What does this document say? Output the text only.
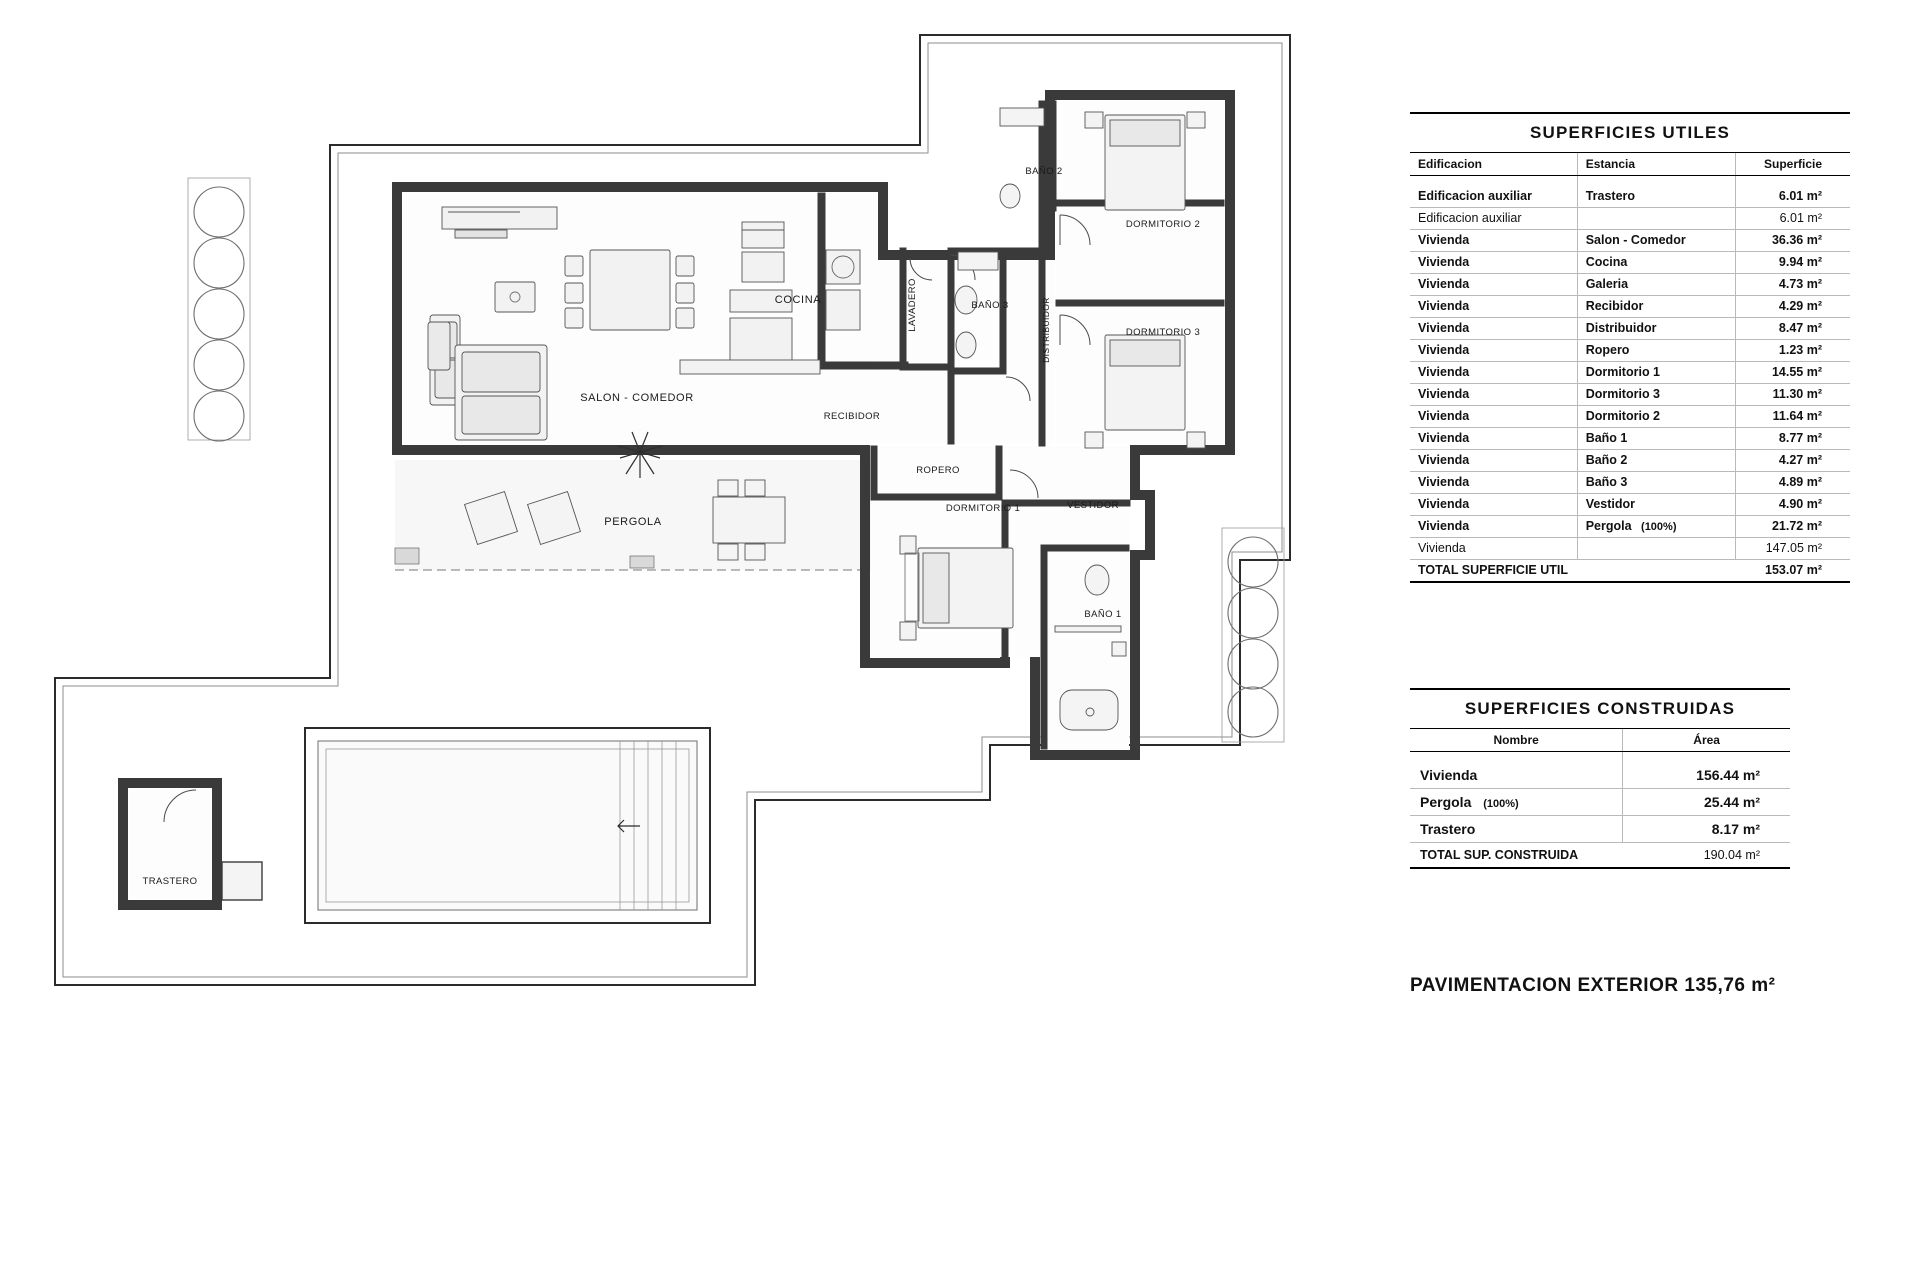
SALON - COMEDOR
COCINA	LAVADERO	BAÑO 3
BAÑO 2
DISTRIBUIDOR
DORMITORIO 2
DORMITORIO 3
RECIBIDOR
ROPERO
VESTIDOR
DORMITORIO 1
BAÑO 1
PERGOLA
TRASTERO
SUPERFICIES UTILES		
Edificacion	Estancia	Superficie

Edificacion auxiliar	Trastero	6.01 m²
Edificacion auxiliar		6.01 m²
Vivienda	Salon - Comedor	36.36 m²
Vivienda	Cocina	9.94 m²
Vivienda	Galeria	4.73 m²
Vivienda	Recibidor	4.29 m²
Vivienda	Distribuidor	8.47 m²
Vivienda	Ropero	1.23 m²
Vivienda	Dormitorio 1	14.55 m²
Vivienda	Dormitorio 3	11.30 m²
Vivienda	Dormitorio 2	11.64 m²
Vivienda	Baño 1	8.77 m²
Vivienda	Baño 2	4.27 m²
Vivienda	Baño 3	4.89 m²
Vivienda	Vestidor	4.90 m²
Vivienda	Pergola (100%)	21.72 m²
Vivienda		147.05 m²
TOTAL SUPERFICIE UTIL		153.07 m²
SUPERFICIES CONSTRUIDAS	
Nombre	Área

Vivienda	156.44 m²
Pergola (100%)	25.44 m²
Trastero	8.17 m²
TOTAL SUP. CONSTRUIDA	190.04 m²
PAVIMENTACION EXTERIOR 135,76 m²
